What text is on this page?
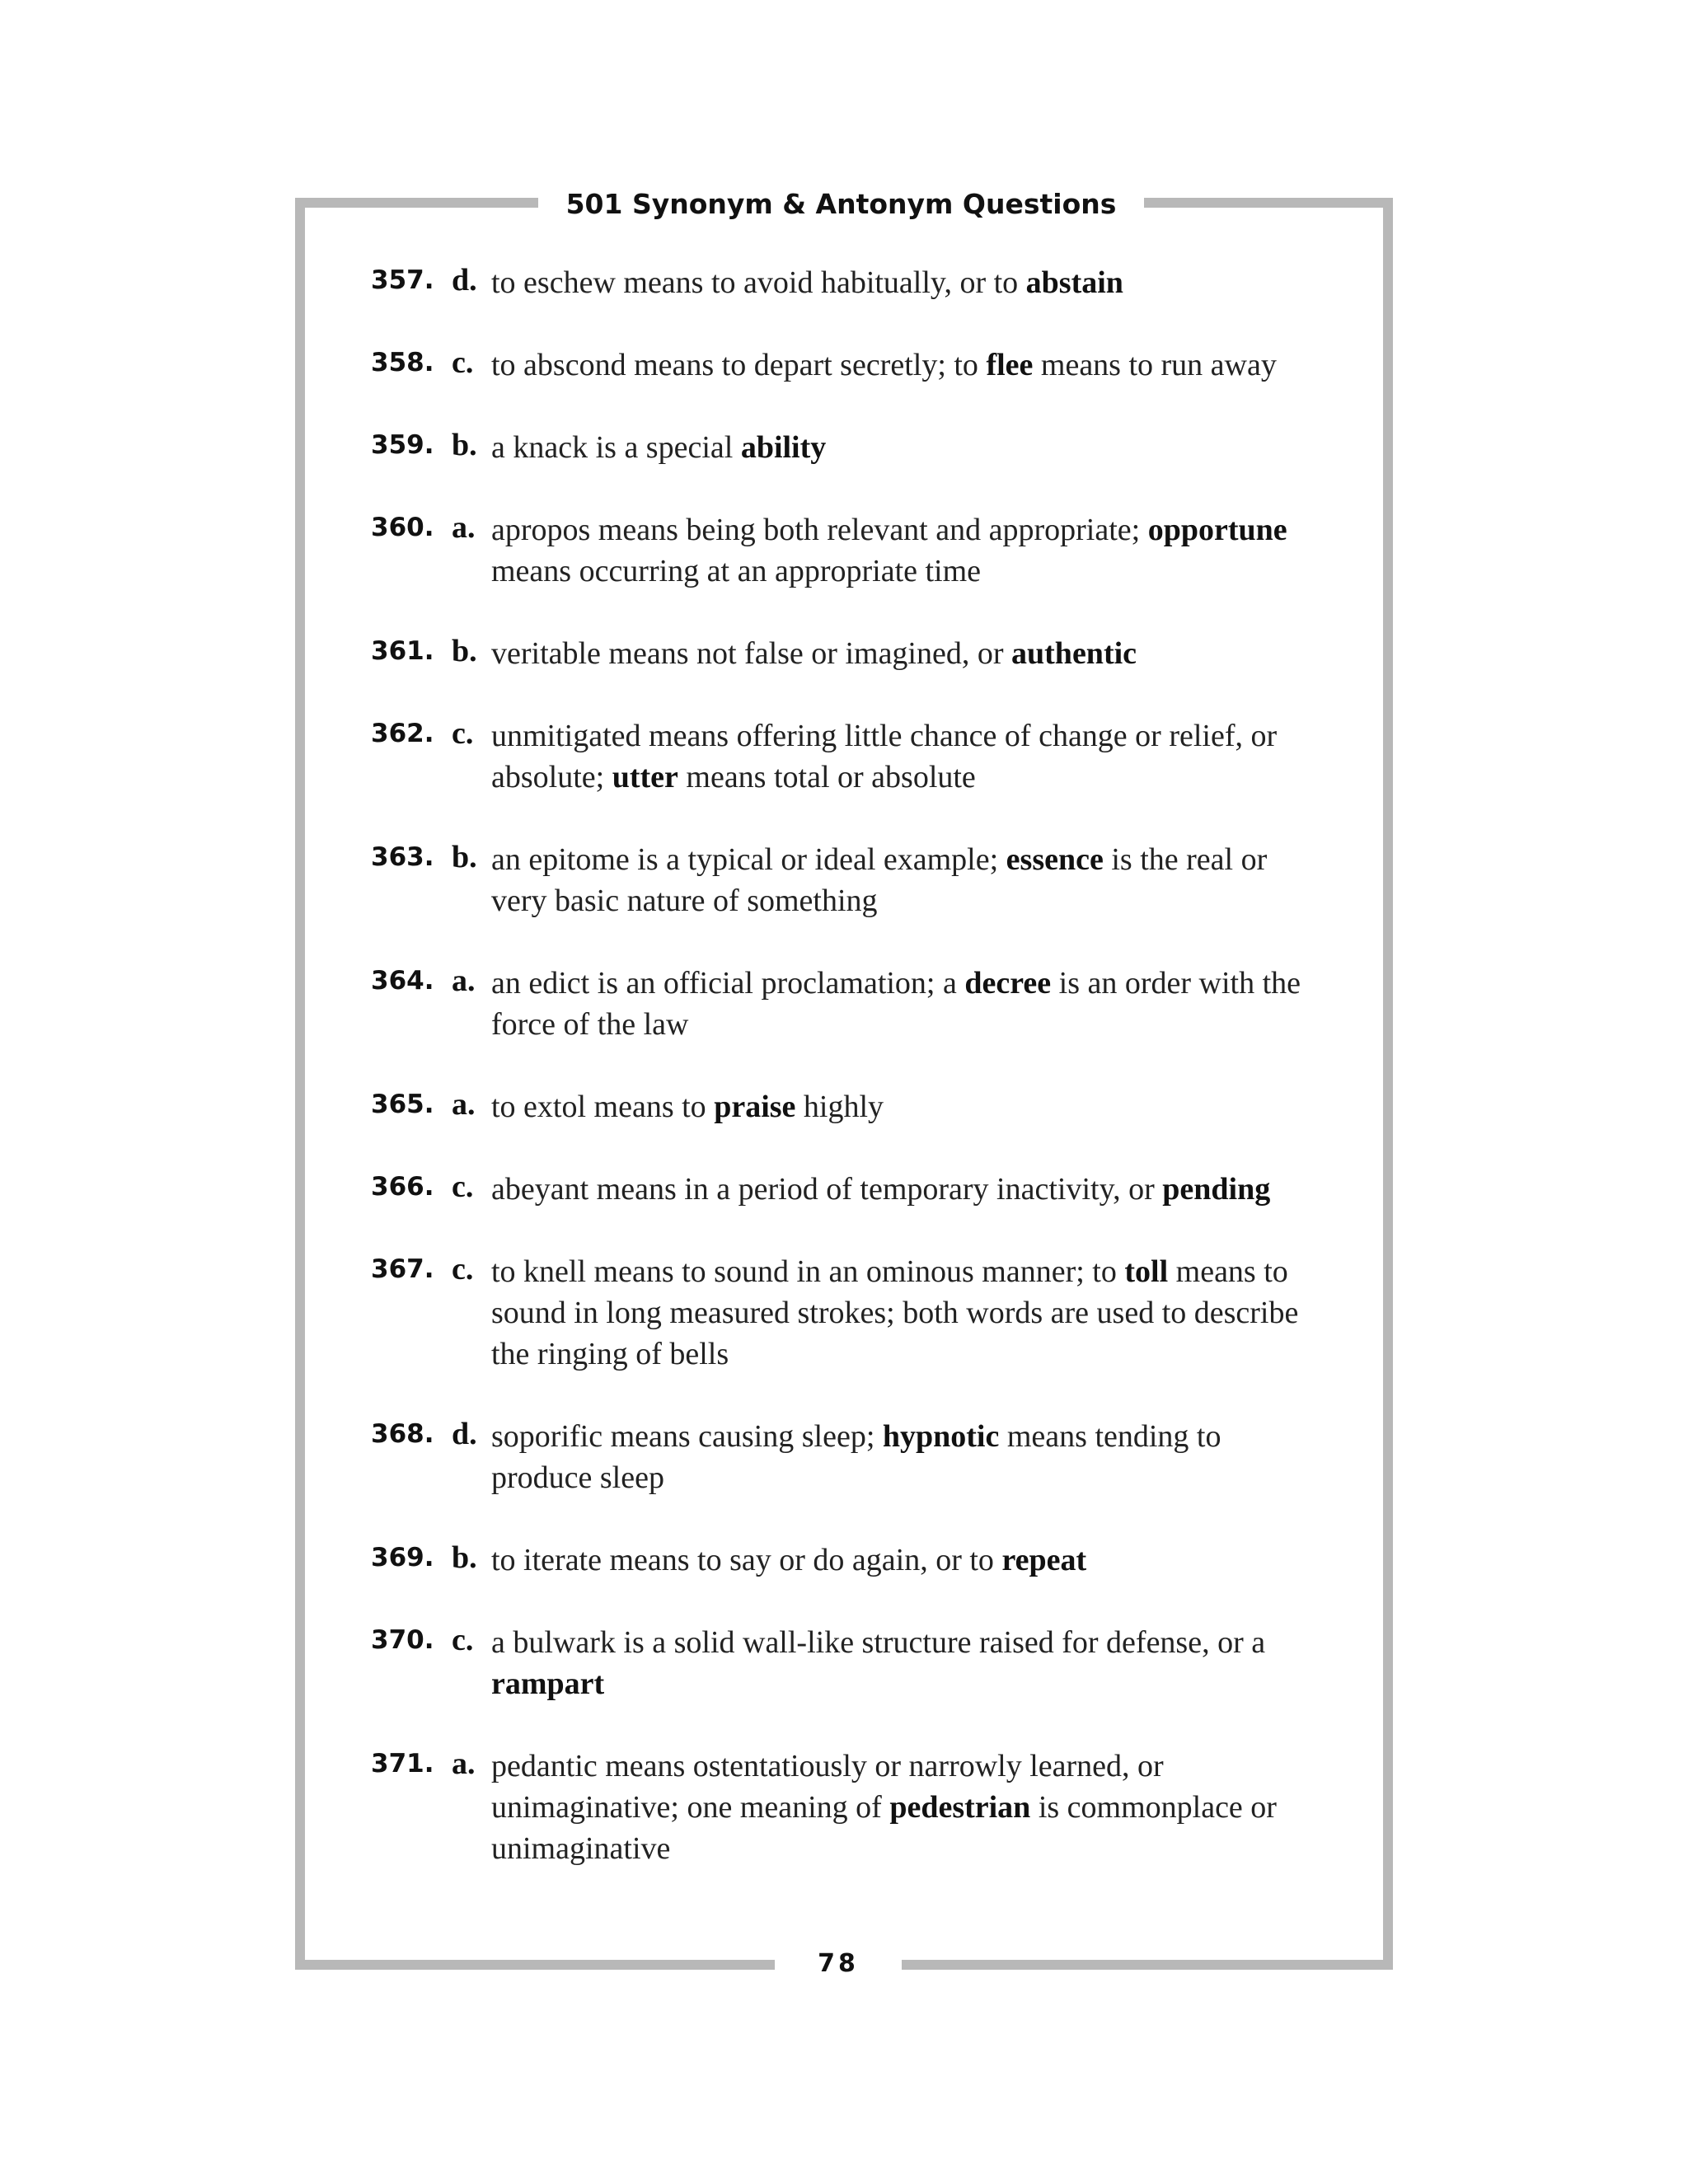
501 Synonym & Antonym Questions
357. d. to eschew means to avoid habitually, or to abstain
358. c. to abscond means to depart secretly; to flee means to run away
359. b. a knack is a special ability
360. a. apropos means being both relevant and appropriate; opportune means occurring at an appropriate time
361. b. veritable means not false or imagined, or authentic
362. c. unmitigated means offering little chance of change or relief, or absolute; utter means total or absolute
363. b. an epitome is a typical or ideal example; essence is the real or very basic nature of something
364. a. an edict is an official proclamation; a decree is an order with the force of the law
365. a. to extol means to praise highly
366. c. abeyant means in a period of temporary inactivity, or pending
367. c. to knell means to sound in an ominous manner; to toll means to sound in long measured strokes; both words are used to describe the ringing of bells
368. d. soporific means causing sleep; hypnotic means tending to produce sleep
369. b. to iterate means to say or do again, or to repeat
370. c. a bulwark is a solid wall-like structure raised for defense, or a rampart
371. a. pedantic means ostentatiously or narrowly learned, or unimaginative; one meaning of pedestrian is commonplace or unimaginative
78
